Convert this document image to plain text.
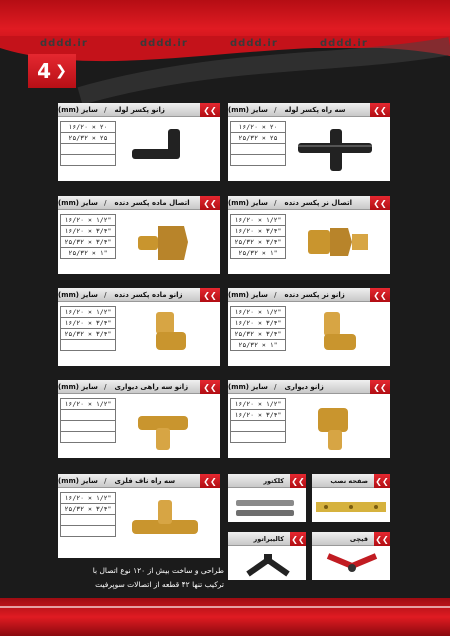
4 ❯
dddd.ir	dddd.ir	dddd.ir	dddd.ir
سه راه پکسر لوله
/
سایز (mm)	❮❮
۱۶/۲۰ × ۲۰
۲۵/۳۲ × ۲۵

زانو پکسر لوله
/
سایز (mm)	❮❮
۱۶/۲۰ × ۲۰
۲۵/۳۲ × ۲۵

اتصال نر پکسر دنده
/
سایز (mm)	❮❮
۱۶/۲۰ × ۱/۲"
۱۶/۲۰ × ۳/۴"
۲۵/۳۲ × ۳/۴"
۲۵/۳۲ × ۱"
اتصال ماده پکسر دنده
/
سایز (mm)	❮❮
۱۶/۲۰ × ۱/۲"
۱۶/۲۰ × ۳/۴"
۲۵/۳۲ × ۳/۴"
۲۵/۳۲ × ۱"
زانو نر پکسر دنده
/
سایز (mm)	❮❮
۱۶/۲۰ × ۱/۲"
۱۶/۲۰ × ۳/۴"
۲۵/۳۲ × ۳/۴"
۲۵/۳۲ × ۱"
زانو ماده پکسر دنده
/
سایز (mm)	❮❮
۱۶/۲۰ × ۱/۲"
۱۶/۲۰ × ۳/۴"
۲۵/۳۲ × ۳/۴"

زانو دیواری
/
سایز (mm)	❮❮
۱۶/۲۰ × ۱/۲"
۱۶/۲۰ × ۳/۴"

زانو سه راهی دیواری
/
سایز (mm)	❮❮
۱۶/۲۰ × ۱/۲"

سه راه ناف فلزی
/
سایز (mm)	❮❮
۱۶/۲۰ × ۱/۲"
۲۵/۳۲ × ۳/۴"

صفحه نصب ❮❮
کلکتور ❮❮
قیچی ❮❮
کالیبراتور ❮❮
طراحی و ساخت بیش از ۱۲۰ نوع اتصال با
ترکیب تنها ۴۲ قطعه از اتصالات سوپرفیت
